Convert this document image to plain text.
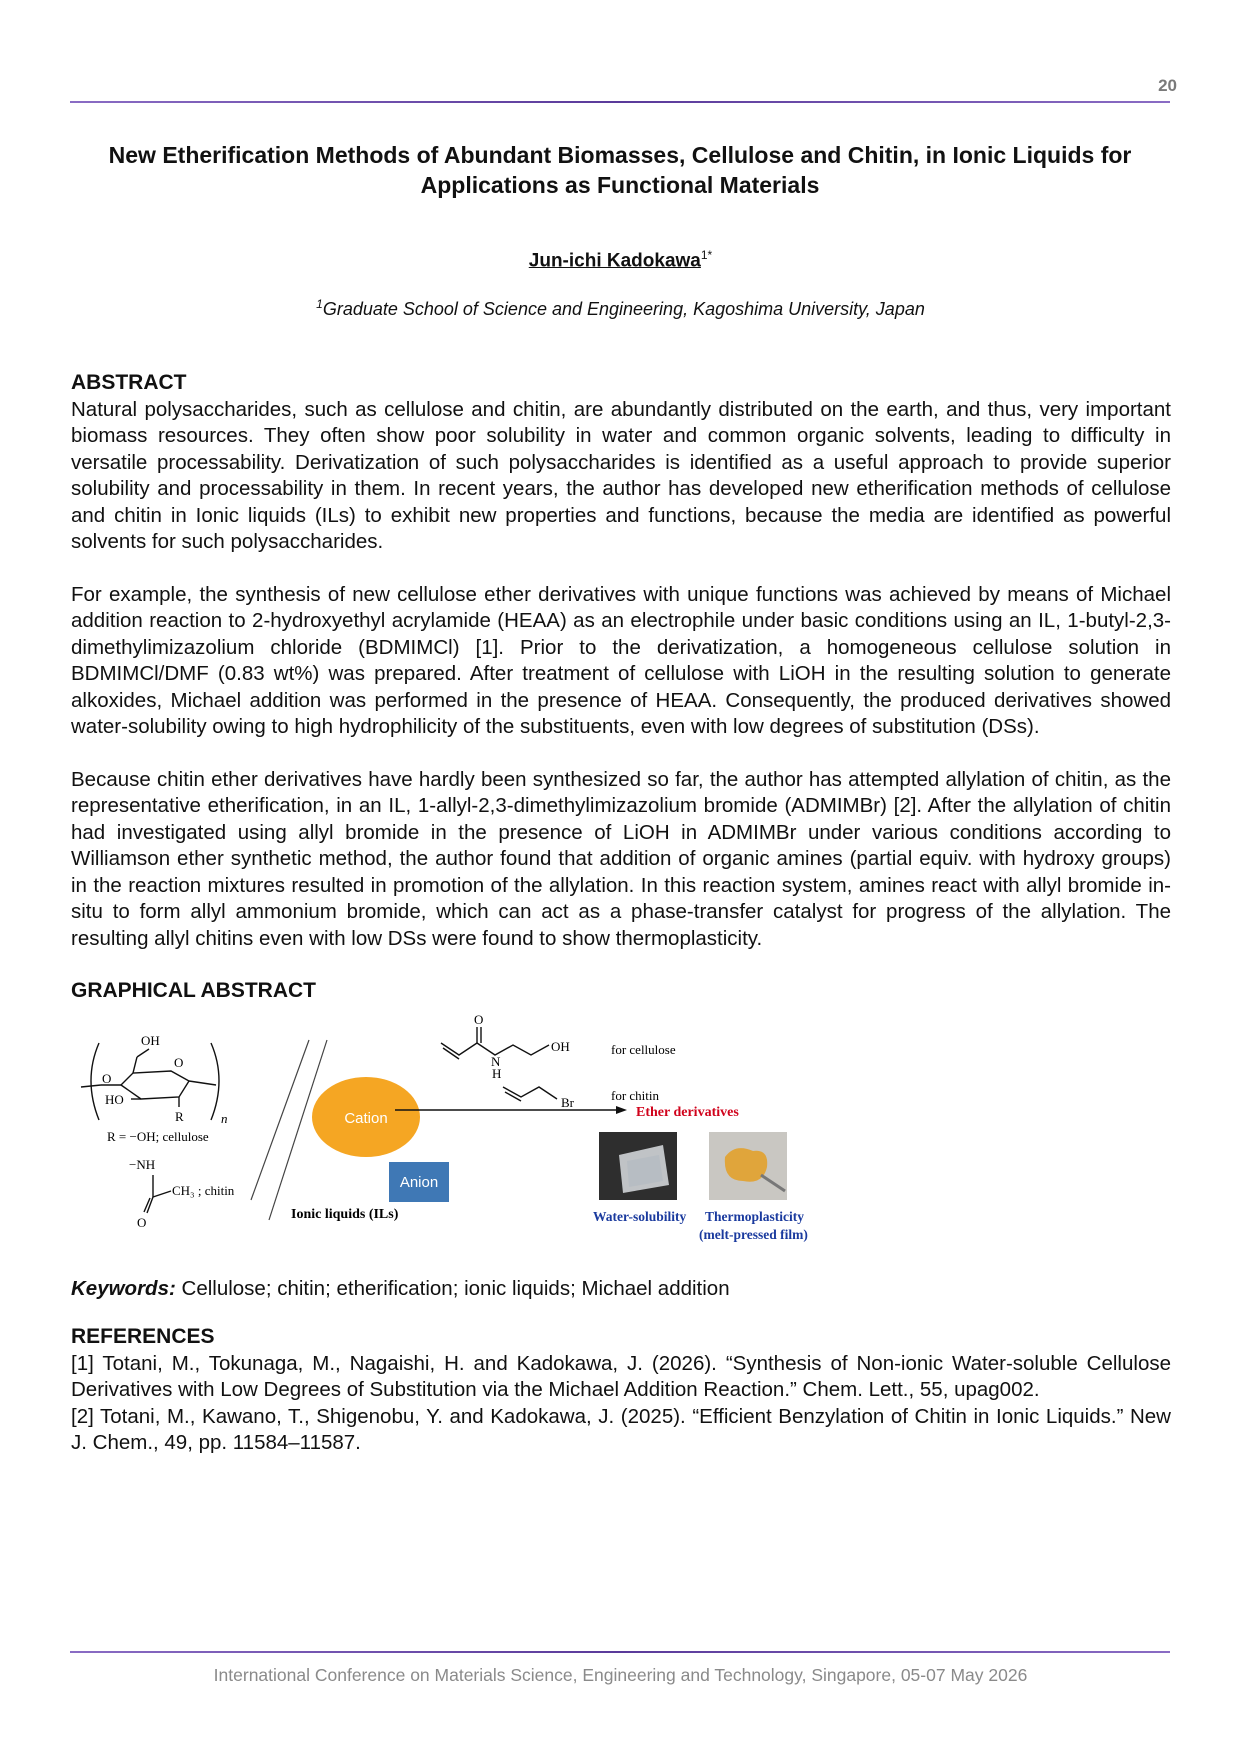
20
New Etherification Methods of Abundant Biomasses, Cellulose and Chitin, in Ionic Liquids for Applications as Functional Materials
Jun-ichi Kadokawa$^{1*}$
$^1$Graduate School of Science and Engineering, Kagoshima University, Japan

ABSTRACT

Natural polysaccharides, such as cellulose and chitin, are abundantly distributed on the earth, and thus, very important biomass resources. They often show poor solubility in water and common organic solvents, leading to difficulty in versatile processability. Derivatization of such polysaccharides is identified as a useful approach to provide superior solubility and processability in them. In recent years, the author has developed new etherification methods of cellulose and chitin in Ionic liquids (ILs) to exhibit new properties and functions, because the media are identified as powerful solvents for such polysaccharides.

For example, the synthesis of new cellulose ether derivatives with unique functions was achieved by means of Michael addition reaction to 2-hydroxyethyl acrylamide (HEAA) as an electrophile under basic conditions using an IL, 1-butyl-2,3-dimethylimizazolium chloride (BDMIMCl) [1]. Prior to the derivatization, a homogeneous cellulose solution in BDMIMCl/DMF (0.83 wt%) was prepared. After treatment of cellulose with LiOH in the resulting solution to generate alkoxides, Michael addition was performed in the presence of HEAA. Consequently, the produced derivatives showed water-solubility owing to high hydrophilicity of the substituents, even with low degrees of substitution (DSs).

Because chitin ether derivatives have hardly been synthesized so far, the author has attempted allylation of chitin, as the representative etherification, in an IL, 1-allyl-2,3-dimethylimizazolium bromide (ADMIMBr) [2]. After the allylation of chitin had investigated using allyl bromide in the presence of LiOH in ADMIMBr under various conditions according to Williamson ether synthetic method, the author found that addition of organic amines (partial equiv. with hydroxy groups) in the reaction mixtures resulted in promotion of the allylation. In this reaction system, amines react with allyl bromide in-situ to form allyl ammonium bromide, which can act as a phase-transfer catalyst for progress of the allylation. The resulting allyl chitins even with low DSs were found to show thermoplasticity.

GRAPHICAL ABSTRACT

OH
O
O
HO
R	n
R = −OH; cellulose
−NH
CH₃ ; chitin
O
Cation
Anion
Ionic liquids (ILs)
O
N
H
OH	for cellulose
Br	for chitin
Ether derivatives
Water-solubility Thermoplasticity
(melt-pressed film)

Keywords: Cellulose; chitin; etherification; ionic liquids; Michael addition

REFERENCES

[1] Totani, M., Tokunaga, M., Nagaishi, H. and Kadokawa, J. (2026). “Synthesis of Non-ionic Water-soluble Cellulose Derivatives with Low Degrees of Substitution via the Michael Addition Reaction.” Chem. Lett., 55, upag002.

[2] Totani, M., Kawano, T., Shigenobu, Y. and Kadokawa, J. (2025). “Efficient Benzylation of Chitin in Ionic Liquids.” New J. Chem., 49, pp. 11584–11587.

International Conference on Materials Science, Engineering and Technology, Singapore, 05-07 May 2026
